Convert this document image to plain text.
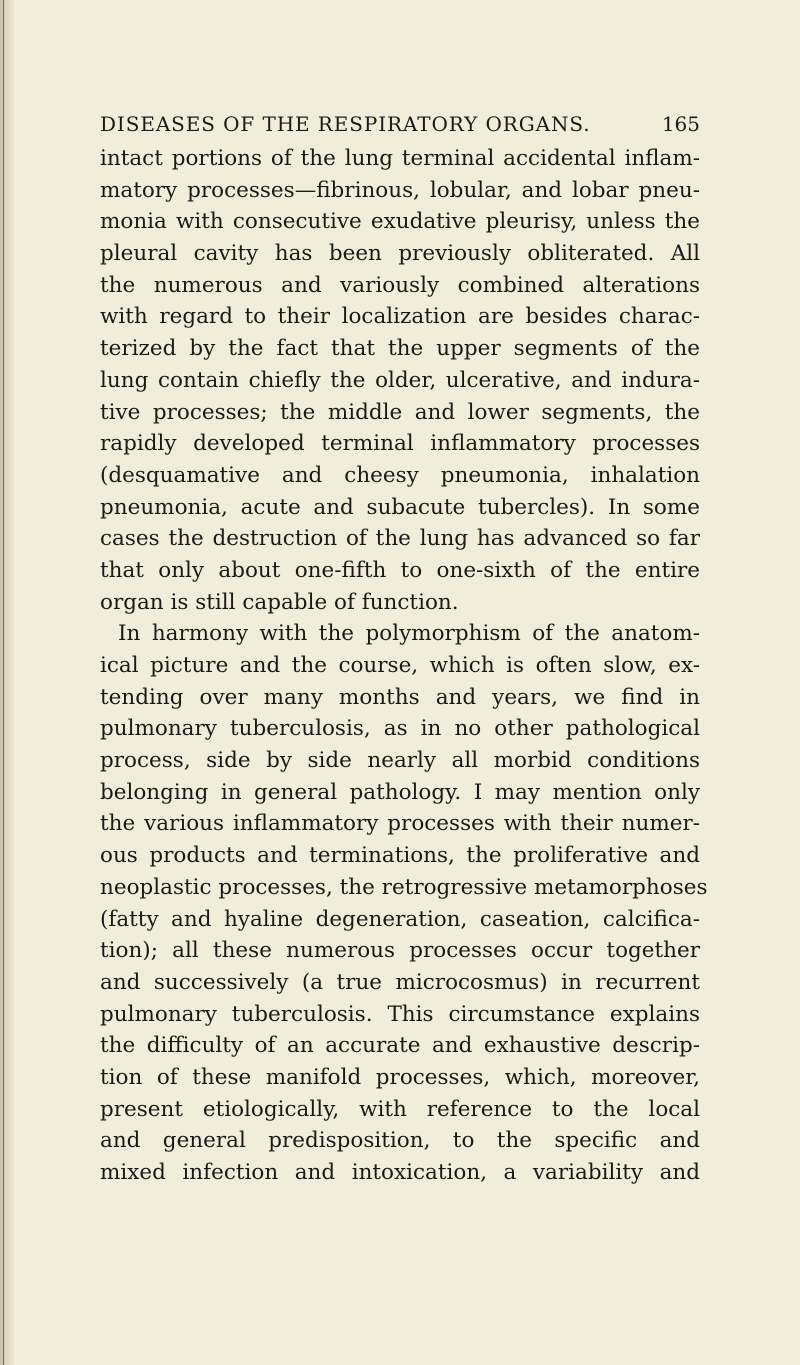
DISEASES OF THE RESPIRATORY ORGANS.	165
intact portions of the lung terminal accidental inflam-
matory processes—fibrinous, lobular, and lobar pneu-
monia with consecutive exudative pleurisy, unless the
pleural cavity has been previously obliterated. All
the numerous and variously combined alterations
with regard to their localization are besides charac-
terized by the fact that the upper segments of the
lung contain chiefly the older, ulcerative, and indura-
tive processes; the middle and lower segments, the
rapidly developed terminal inflammatory processes
(desquamative and cheesy pneumonia, inhalation
pneumonia, acute and subacute tubercles). In some
cases the destruction of the lung has advanced so far
that only about one-fifth to one-sixth of the entire
organ is still capable of function.
In harmony with the polymorphism of the anatom-
ical picture and the course, which is often slow, ex-
tending over many months and years, we find in
pulmonary tuberculosis, as in no other pathological
process, side by side nearly all morbid conditions
belonging in general pathology. I may mention only
the various inflammatory processes with their numer-
ous products and terminations, the proliferative and
neoplastic processes, the retrogressive metamorphoses
(fatty and hyaline degeneration, caseation, calcifica-
tion); all these numerous processes occur together
and successively (a true microcosmus) in recurrent
pulmonary tuberculosis. This circumstance explains
the difficulty of an accurate and exhaustive descrip-
tion of these manifold processes, which, moreover,
present etiologically, with reference to the local
and general predisposition, to the specific and
mixed infection and intoxication, a variability and
